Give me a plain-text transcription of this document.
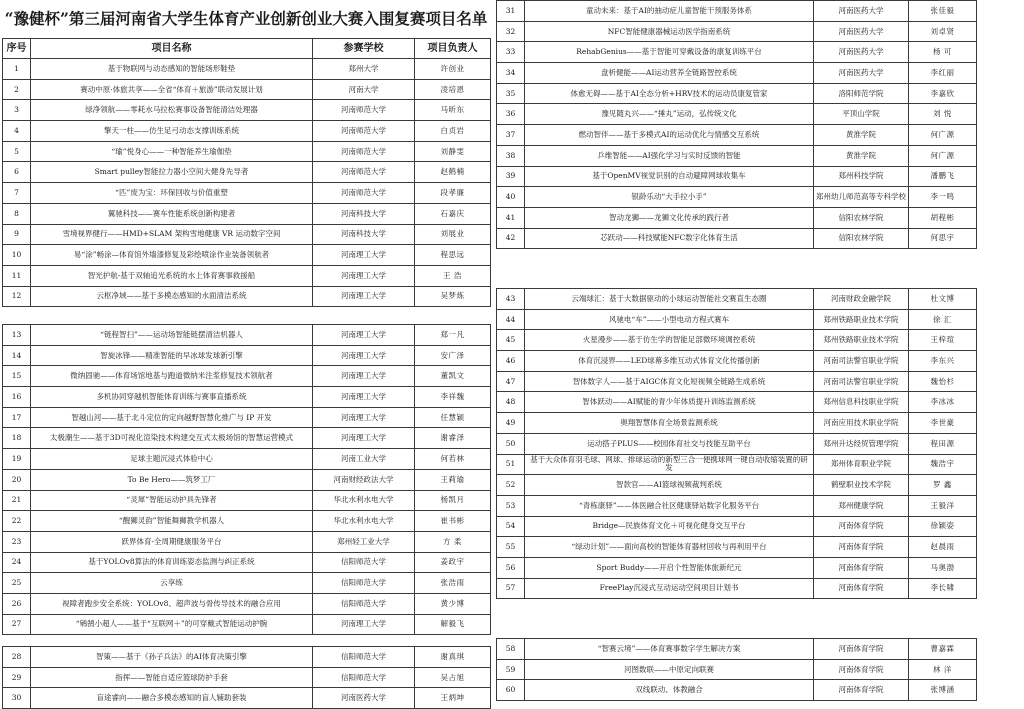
“豫健杯”第三届河南省大学生体育产业创新创业大赛入围复赛项目名单
序号	项目名称	参赛学校	项目负责人
1	基于物联网与动态感知的智能场形鞋垫	郑州大学	许创业
2	赛动中原·体旅共享——全省“体育＋旅游”联动发展计划	河南大学	凌培恩
3	绿净领航——零耗水马拉松赛事设备智能清洁处理器	河南师范大学	马昕东
4	擎天一柱——仿生足弓动态支撑训练系统	河南师范大学	白贞岩
5	“瑜”悦身心——一种智能养生瑜伽垫	河南师范大学	刘静雯
6	Smart pulley智能拉力器小空间大健身先导者	河南师范大学	赵鹤楠
7	“匹”废为宝：环保回收与价值重塑	河南师范大学	段孝廉
8	翼驰科技——赛车性能系统创新构建者	河南科技大学	石嘉庆
9	雪境视界健行——HMD+SLAM 架构雪地健康 VR 运动数字空间	河南科技大学	刘展业
10	易“涂”畅涂—体育馆外墙漆修复及彩绘喷涂作业装备领航者	河南理工大学	程思远
11	智光护航-基于双轴追光系统的水上体育赛事救援船	河南理工大学	王 浩
12	云枢净域——基于多模态感知的水面清洁系统	河南理工大学	吴梦炼
13	“链程智扫”——运动场智能链摆清洁机器人	河南理工大学	郑一凡
14	智旋冰锋——精准智能的早冰球发球新引擎	河南理工大学	安广泽
15	微纳固驰——体育场馆地基与跑道微纳米注浆修复技术领航者	河南理工大学	董凯文
16	多机协同穿越机智能体育训练与赛事直播系统	河南理工大学	李祥魏
17	智越山河——基于北斗定位的定向越野智慧化推广与 IP 开发	河南理工大学	任慧颖
18	太极潮生——基于3D可视化渲染技术构建交互式太极场馆的智慧运营模式	河南理工大学	谢睿泽
19	足球主题沉浸式体验中心	河南工业大学	何若林
20	To Be Hero——筑梦工厂	河南财经政法大学	王莉瑜
21	“灵犀”智能运动护具先锋者	华北水利水电大学	杨凯月
22	“醒狮灵韵”智能舞狮教学机器人	华北水利水电大学	崔书彬
23	跃界体育-全周期健康服务平台	郑州轻工业大学	方 柔
24	基于YOLOv8算法的体育训练姿态监测与纠正系统	信阳师范大学	姜政宇
25	云享练	信阳师范大学	张浩雨
26	视障者跑步安全系统：YOLOv8、超声波与骨传导技术的融合应用	信阳师范大学	黄少博
27	“鹓鹄小超人——基于“互联网＋”的可穿戴式智能运动护腕	河南理工大学	解毅飞
28	智策——基于《孙子兵法》的AI体育决策引擎	信阳师范大学	谢真琪
29	指挥——智能自适应篮球防护手套	信阳师范大学	吴占旭
30	盲途睿向——融合多模态感知的盲人辅助套装	河南医药大学	王炳坤
31	童动未来：基于AI的抽动症儿童智能干预服务体系	河南医药大学	张佳毅
32	NFC智能健康器械运动医学指南系统	河南医药大学	刘卓贤
33	RehabGenius——基于智能可穿戴设备的康复训练平台	河南医药大学	杨 可
34	盘析健能——AI运动营养全链路智控系统	河南医药大学	李红丽
35	体愈无碍——基于AI全态分析+HRV技术的运动员康复管家	洛阳师范学院	李嘉欣
36	豫见随丸兴——“捶丸”运动，弘传统文化	平顶山学院	刘 悦
37	燃动智伴——基于多模式AI的运动优化与情感交互系统	黄淮学院	何广源
38	乒维智能——AI强化学习与实时反馈的智能	黄淮学院	何广源
39	基于OpenMV视觉识别的自动避障网球收集车	郑州科技学院	潘鹏飞
40	银龄乐动“大手拉小手”	郑州幼儿师范高等专科学校	李一鸣
41	智动龙狮——龙狮文化传承的践行者	信阳农林学院	胡程彬
42	芯跃动——科技赋能NFC数字化体育生活	信阳农林学院	何思宇
43	云端球汇：基于大数据驱动的小球运动智能社交赛直生态圈	河南财政金融学院	杜文博
44	风驰电“车”——小型电动方程式赛车	郑州铁路职业技术学院	徐 汇
45	火星漫步——基于仿生学的智能足部微环境调控系统	郑州铁路职业技术学院	王梓瑄
46	体育沉浸界——LED球幕多维互动式体育文化传播创新	河南司法警官职业学院	李东兴
47	智体数字人——基于AIGC体育文化短视频全链路生成系统	河南司法警官职业学院	魏怡杉
48	智体跃动——AI赋能的青少年体质提升训练监测系统	郑州信息科技职业学院	李冰冰
49	奥翔智慧体育全场景监测系统	河南应用技术职业学院	李世豪
50	运动搭子PLUS——校园体育社交与技能互助平台	郑州升达经贸管理学院	程田源
51	基于大众体育羽毛球、网球、排球运动的新型三合一便携球网一键自动收缩装置的研发	郑州体育职业学院	魏浩宇
52	智款官——AI篮球视频裁判系统	鹤壁职业技术学院	罗 鑫
53	“青栋康驿”——体医融合社区健康驿站数字化服务平台	郑州健康学院	王毅洋
54	Bridge—民族体育文化＋可视化健身交互平台	河南体育学院	徐颖姿
55	“绿动计划”——面向高校的智能体育器材回收与再利用平台	河南体育学院	赵晨雨
56	Sport Buddy——开启个性智能体旅新纪元	河南体育学院	马奥渤
57	FreePlay沉浸式互动运动空间项目计划书	河南体育学院	李长啸
58	“智赛云境”——体育赛事数字学生解决方案	河南体育学院	曹嘉霖
59	河图数联——中原定向联赛	河南体育学院	林 洋
60	双线联动、体教融合	河南体育学院	张博涵
